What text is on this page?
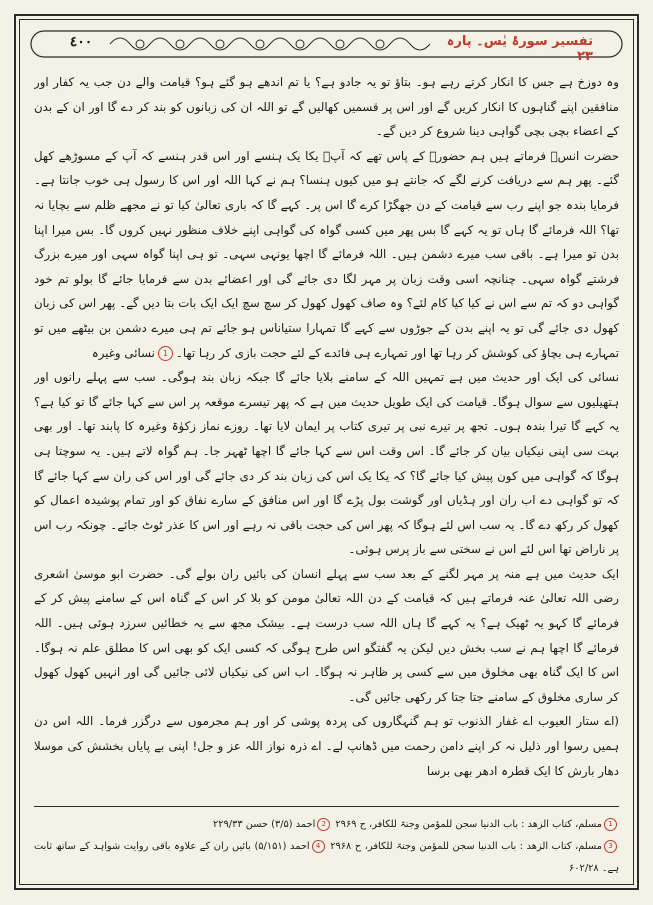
٤٠٠	تفسیر سورۂ یٰس۔ پارہ ۲۳

وہ دوزخ ہے جس کا انکار کرتے رہے ہو۔ بتاؤ تو یہ جادو ہے؟ یا تم اندھے ہو گئے ہو؟ قیامت والے دن جب یہ کفار اور منافقین اپنے گناہوں کا انکار کریں گے اور اس پر قسمیں کھالیں گے تو اللہ ان کی زبانوں کو بند کر دے گا اور ان کے بدن کے اعضاء بچی بچی گواہی دینا شروع کر دیں گے۔

حضرت انسؓ فرماتے ہیں ہم حضورؐ کے پاس تھے کہ آپؐ یکا یک ہنسے اور اس قدر ہنسے کہ آپ کے مسوڑھے کھل گئے۔ پھر ہم سے دریافت کرنے لگے کہ جانتے ہو میں کیوں ہنسا؟ ہم نے کہا اللہ اور اس کا رسول ہی خوب جانتا ہے۔ فرمایا بندہ جو اپنے رب سے قیامت کے دن جھگڑا کرے گا اس پر۔ کہے گا کہ باری تعالیٰ کیا تو نے مجھے ظلم سے بچایا نہ تھا؟ اللہ فرمائے گا ہاں تو یہ کہے گا بس پھر میں کسی گواہ کی گواہی اپنے خلاف منظور نہیں کروں گا۔ بس میرا اپنا بدن تو میرا ہے۔ باقی سب میرے دشمن ہیں۔ اللہ فرمائے گا اچھا یونہی سہی۔ تو ہی اپنا گواہ سہی اور میرے بزرگ فرشتے گواہ سہی۔ چنانچہ اسی وقت زبان پر مہر لگا دی جائے گی اور اعضائے بدن سے فرمایا جائے گا بولو تم خود گواہی دو کہ تم سے اس نے کیا کیا کام لئے؟ وہ صاف کھول کھول کر سچ سچ ایک ایک بات بتا دیں گے۔ پھر اس کی زبان کھول دی جائے گی تو یہ اپنے بدن کے جوڑوں سے کہے گا تمہارا ستیاناس ہو جائے تم ہی میرے دشمن بن بیٹھے میں تو تمہارے ہی بچاؤ کی کوشش کر رہا تھا اور تمہارے ہی فائدے کے لئے حجت بازی کر رہا تھا۔1نسائی وغیرہ

نسائی کی ایک اور حدیث میں ہے تمہیں اللہ کے سامنے بلایا جائے گا جبکہ زبان بند ہوگی۔ سب سے پہلے رانوں اور ہتھیلیوں سے سوال ہوگا۔ قیامت کی ایک طویل حدیث میں ہے کہ پھر تیسرے موقعہ پر اس سے کہا جائے گا تو کیا ہے؟ یہ کہے گا تیرا بندہ ہوں۔ تجھ پر تیرے نبی پر تیری کتاب پر ایمان لایا تھا۔ روزے نماز زکوٰۃ وغیرہ کا پابند تھا۔ اور بھی بہت سی اپنی نیکیاں بیان کر جائے گا۔ اس وقت اس سے کہا جائے گا اچھا ٹھہر جا۔ ہم گواہ لاتے ہیں۔ یہ سوچتا ہی ہوگا کہ گواہی میں کون پیش کیا جائے گا؟ کہ یکا یک اس کی زبان بند کر دی جائے گی اور اس کی ران سے کہا جائے گا کہ تو گواہی دے اب ران اور ہڈیاں اور گوشت بول پڑے گا اور اس منافق کے سارے نفاق کو اور تمام پوشیدہ اعمال کو کھول کر رکھ دے گا۔ یہ سب اس لئے ہوگا کہ پھر اس کی حجت باقی نہ رہے اور اس کا عذر ٹوٹ جائے۔ چونکہ رب اس پر ناراض تھا اس لئے اس نے سختی سے باز پرس ہوئی۔

ایک حدیث میں ہے منہ پر مہر لگنے کے بعد سب سے پہلے انسان کی بائیں ران بولے گی۔ حضرت ابو موسیٰ اشعری رضی اللہ تعالیٰ عنہ فرماتے ہیں کہ قیامت کے دن اللہ تعالیٰ مومن کو بلا کر اس کے گناہ اس کے سامنے پیش کر کے فرمائے گا کہو یہ ٹھیک ہے؟ یہ کہے گا ہاں اللہ سب درست ہے۔ بیشک مجھ سے یہ خطائیں سرزد ہوئی ہیں۔ اللہ فرمائے گا اچھا ہم نے سب بخش دیں لیکن یہ گفتگو اس طرح ہوگی کہ کسی ایک کو بھی اس کا مطلق علم نہ ہوگا۔ اس کا ایک گناہ بھی مخلوق میں سے کسی پر ظاہر نہ ہوگا۔ اب اس کی نیکیاں لائی جائیں گی اور انہیں کھول کھول کر ساری مخلوق کے سامنے جتا جتا کر رکھی جائیں گی۔

(اے ستار العیوب اے غفار الذنوب تو ہم گنہگاروں کی پردہ پوشی کر اور ہم مجرموں سے درگزر فرما۔ اللہ اس دن ہمیں رسوا اور ذلیل نہ کر اپنے دامن رحمت میں ڈھانپ لے۔ اے ذرہ نواز اللہ عز و جل! اپنی بے پایاں بخشش کی موسلا دھار بارش کا ایک قطرہ ادھر بھی برسا

1مسلم، کتاب الزھد : باب الدنیا سجن للمؤمن وجنۃ للکافر، ح ۲۹۶۹ 2احمد (۳/۵) حسن ۲۲۹/۳۳

3مسلم، کتاب الزھد : باب الدنیا سجن للمؤمن وجنۃ للکافر، ح ۲۹۶۸ 4احمد (۵/۱۵۱) بائیں ران کے علاوہ باقی روایت شواہد کے ساتھ ثابت ہے۔ ۶۰۲/۲۸
